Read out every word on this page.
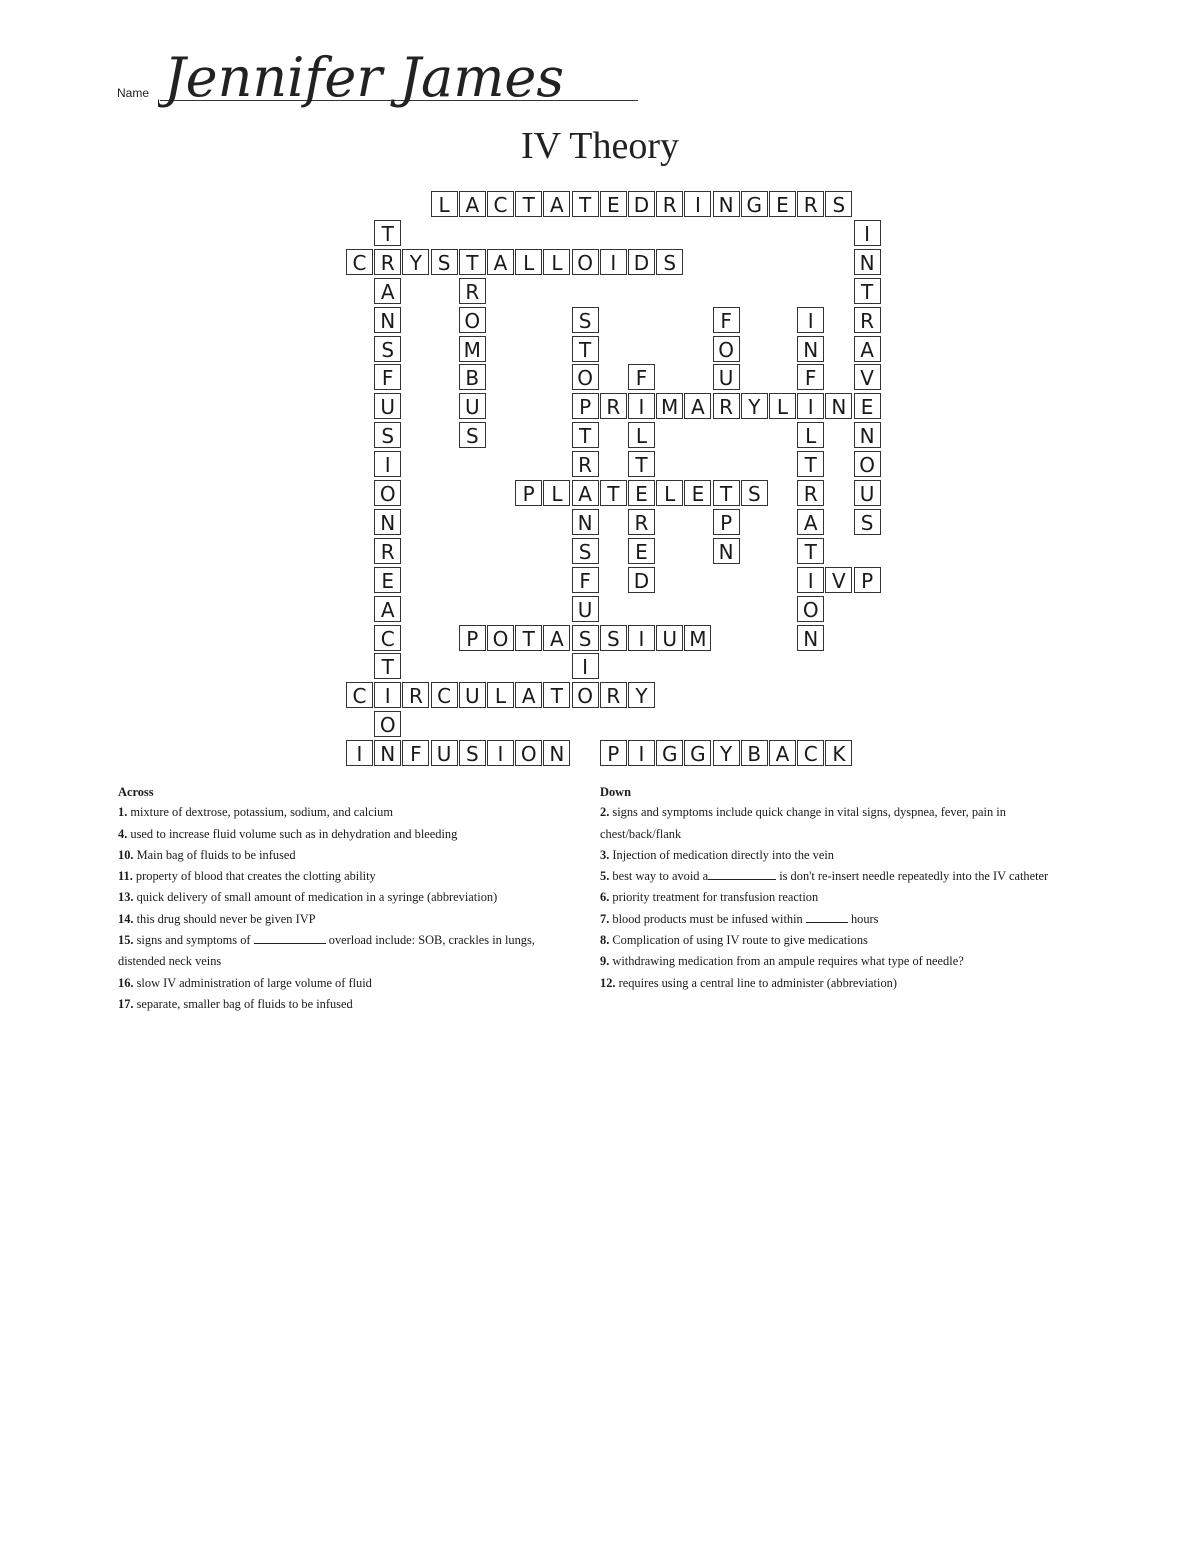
Name Jennifer James
IV Theory
L A C T A T E D R I N G E R S
T
R
A
N
S
F
U
S
I
O
N
R
E
A
C
T
I
O
N
I
N
T
R
A
V
E
N
O
U
S
C	Y S T A L L O I D S
R
O
M
B
U
S
S
T
O
P
T
R
A
N
S
F
U
S
I
F
I
L
T
E
R
E
D
F
O
U
I
N
F
I
L
T
R
A
T
I
O
N
R M A R Y L	N
P L	T	L E T S
V P
P O T A	S I U M
C R C U L A T O R Y
I	F U S I O N	P I G G Y B A C K
P
N
Across
1. mixture of dextrose, potassium, sodium, and calcium
4. used to increase fluid volume such as in dehydration and bleeding
10. Main bag of fluids to be infused
11. property of blood that creates the clotting ability
13. quick delivery of small amount of medication in a syringe (abbreviation)
14. this drug should never be given IVP
15. signs and symptoms of	overload include: SOB, crackles in lungs, distended neck veins
16. slow IV administration of large volume of fluid
17. separate, smaller bag of fluids to be infused
Down
2. signs and symptoms include quick change in vital signs, dyspnea, fever, pain in chest/back/flank
3. Injection of medication directly into the vein
5. best way to avoid a	is don't re-insert needle repeatedly into the IV catheter
6. priority treatment for transfusion reaction
7. blood products must be infused within	hours
8. Complication of using IV route to give medications
9. withdrawing medication from an ampule requires what type of needle?
12. requires using a central line to administer (abbreviation)
